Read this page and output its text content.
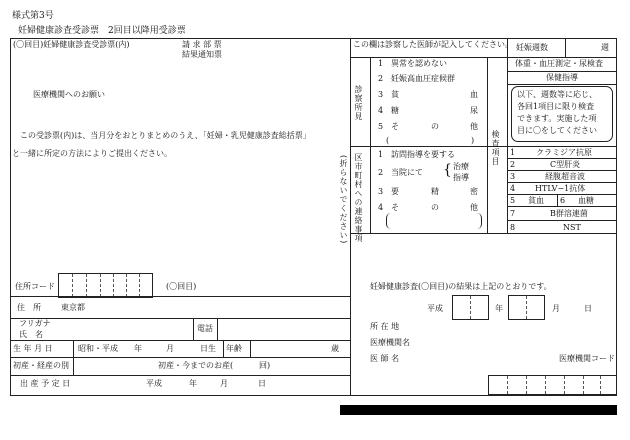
様式第3号
妊婦健康診査受診票　2回目以降用受診票
(〇回目)妊婦健康診査受診票(内)	請 求 部 票
結果通知票
医療機関へのお願い
この受診票(内)は、当月分をおとりまとめのうえ、「妊婦・乳児健康診査総括票」
と一緒に所定の方法によりご提出ください。
(折らないでください)
住所コード	(〇回目)
住　所	東京都
フリガナ
氏　名
電話
生 年 月 日	昭和・平成 年	月	日生 年齢	歳
初産・経産の別	初産・今までのお産(	回)
出 産 予 定 日	平成	年	月	日
この欄は診察した医師が記入してください。 妊娠週数	週
診察所見
1 異常を認めない
2 妊娠高血圧症候群
3 貧	血
4 糖	尿
5 そ	の	他
(	)
区市町村への連絡事項 1 訪問指導を要する
2 当院にて { 治療
指導
3 要	精	密
4 そ	の	他
検査項目
体重・血圧測定・尿検査
保健指導
以下、週数等に応じ、
各回1項目に限り検査
できます。実施した項
目に〇をしてください
1	クラミジア抗原
2	C型肝炎
3	経腹超音波
4 HTLV−1抗体
5 貧血 6 血糖
7	B群溶連菌
8	NST
妊婦健康診査(〇回目)の結果は上記のとおりです。
平成	年	月	日
所 在 地
医療機関名
医 師 名	医療機関コード
